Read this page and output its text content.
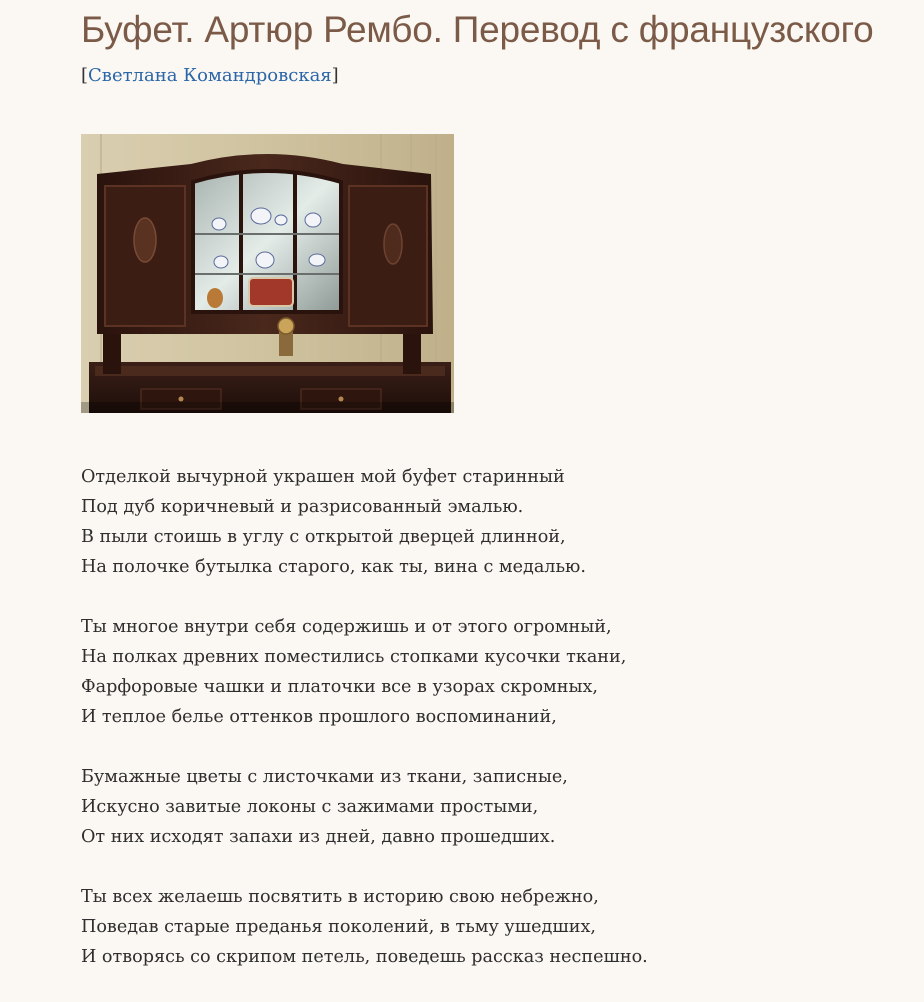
Буфет. Артюр Рембо. Перевод с французского
[Светлана Командровская]
Отделкой вычурной украшен мой буфет старинный
Под дуб коричневый и разрисованный эмалью.
В пыли стоишь в углу с открытой дверцей длинной,
На полочке бутылка старого, как ты, вина с медалью.
Ты многое внутри себя содержишь и от этого огромный,
На полках древних поместились стопками кусочки ткани,
Фарфоровые чашки и платочки все в узорах скромных,
И теплое белье оттенков прошлого воспоминаний,
Бумажные цветы с листочками из ткани, записные,
Искусно завитые локоны с зажимами простыми,
От них исходят запахи из дней, давно прошедших.
Ты всех желаешь посвятить в историю свою небрежно,
Поведав старые преданья поколений, в тьму ушедших,
И отворясь со скрипом петель, поведешь рассказ неспешно.
